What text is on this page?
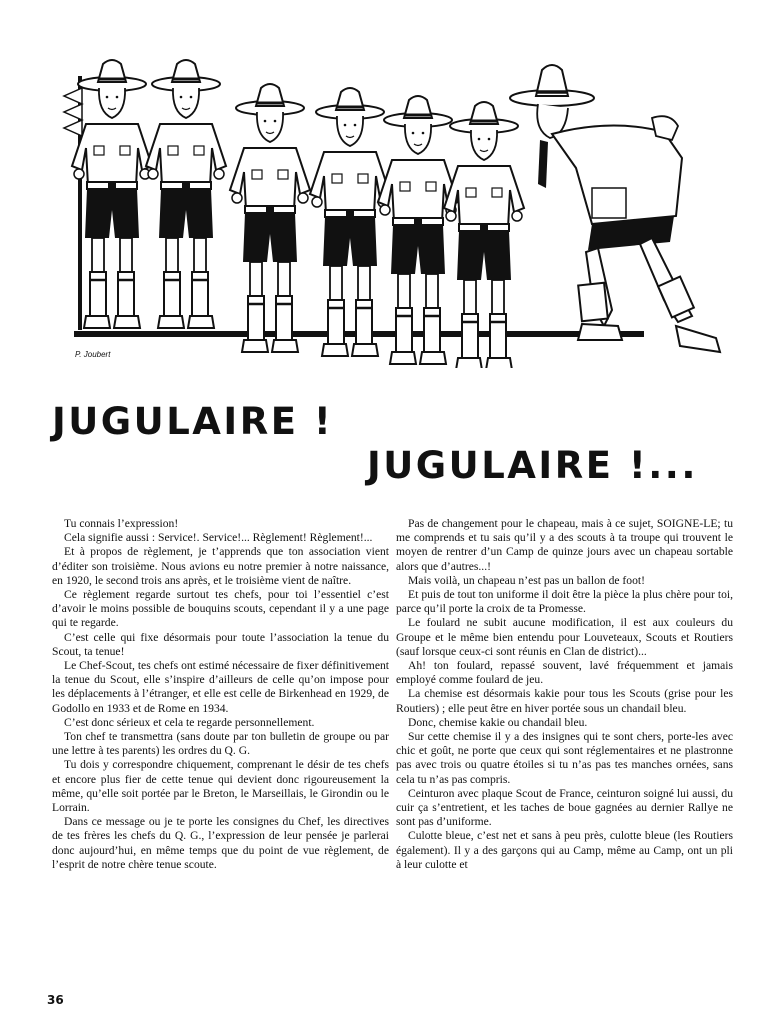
P. Joubert
JUGULAIRE !
JUGULAIRE !...

Tu connais l’expression!

Cela signifie aussi : Service!. Service!... Règlement! Règlement!...

Et à propos de règlement, je t’apprends que ton association vient d’éditer son troisième. Nous avions eu notre premier à notre naissance, en 1920, le second trois ans après, et le troisième vient de naître.

Ce règlement regarde surtout tes chefs, pour toi l’essentiel c’est d’avoir le moins possible de bouquins scouts, cependant il y a une page qui te regarde.

C’est celle qui fixe désormais pour toute l’association la tenue du Scout, ta tenue!

Le Chef-Scout, tes chefs ont estimé nécessaire de fixer définitivement la tenue du Scout, elle s’inspire d’ailleurs de celle qu’on impose pour les déplacements à l’étranger, et elle est celle de Birkenhead en 1929, de Godollo en 1933 et de Rome en 1934.

C’est donc sérieux et cela te regarde personnellement.

Ton chef te transmettra (sans doute par ton bulletin de groupe ou par une lettre à tes parents) les ordres du Q. G.

Tu dois y correspondre chiquement, comprenant le désir de tes chefs et encore plus fier de cette tenue qui devient donc rigoureusement la même, qu’elle soit portée par le Breton, le Marseillais, le Girondin ou le Lorrain.

Dans ce message ou je te porte les consignes du Chef, les directives de tes frères les chefs du Q. G., l’expression de leur pensée je parlerai donc aujourd’hui, en même temps que du point de vue règlement, de l’esprit de notre chère tenue scoute.

Pas de changement pour le chapeau, mais à ce sujet, SOIGNE-LE; tu me comprends et tu sais qu’il y a des scouts à ta troupe qui trouvent le moyen de rentrer d’un Camp de quinze jours avec un chapeau sortable alors que d’autres...!

Mais voilà, un chapeau n’est pas un ballon de foot!

Et puis de tout ton uniforme il doit être la pièce la plus chère pour toi, parce qu’il porte la croix de ta Promesse.

Le foulard ne subit aucune modification, il est aux couleurs du Groupe et le même bien entendu pour Louveteaux, Scouts et Routiers (sauf lorsque ceux-ci sont réunis en Clan de district)...

Ah! ton foulard, repassé souvent, lavé fréquemment et jamais employé comme foulard de jeu.

La chemise est désormais kakie pour tous les Scouts (grise pour les Routiers) ; elle peut être en hiver portée sous un chandail bleu.

Donc, chemise kakie ou chandail bleu.

Sur cette chemise il y a des insignes qui te sont chers, porte-les avec chic et goût, ne porte que ceux qui sont réglementaires et ne plastronne pas avec trois ou quatre étoiles si tu n’as pas tes manches ornées, sans cela tu n’as pas compris.

Ceinturon avec plaque Scout de France, ceinturon soigné lui aussi, du cuir ça s’entretient, et les taches de boue gagnées au dernier Rallye ne sont pas d’uniforme.

Culotte bleue, c’est net et sans à peu près, culotte bleue (les Routiers également). Il y a des garçons qui au Camp, même au Camp, ont un pli à leur culotte et

36
